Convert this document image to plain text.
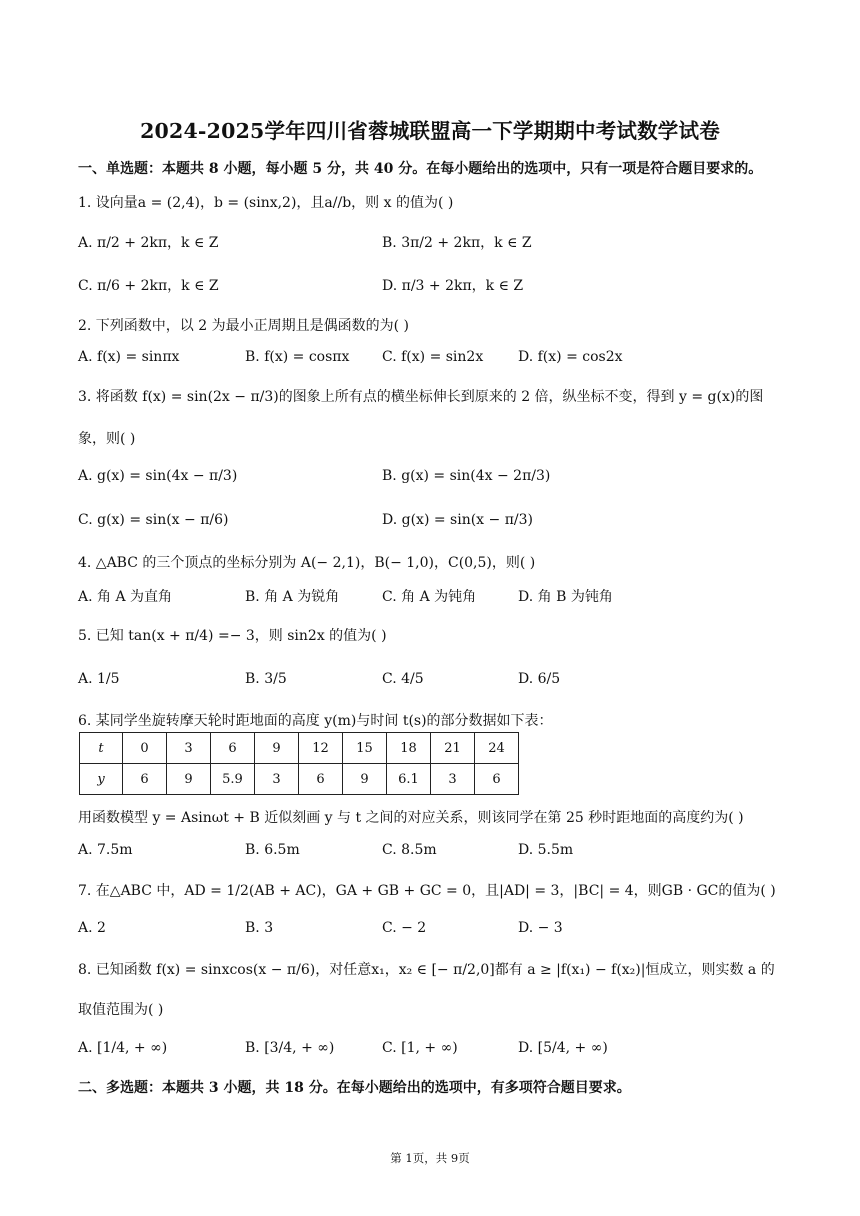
2024-2025学年四川省蓉城联盟高一下学期期中考试数学试卷
一、单选题：本题共 8 小题，每小题 5 分，共 40 分。在每小题给出的选项中，只有一项是符合题目要求的。
1. 设向量a = (2,4)，b = (sinx,2)，且a//b，则 x 的值为( )
A. π/2 + 2kπ，k ∈ Z	B. 3π/2 + 2kπ，k ∈ Z
C. π/6 + 2kπ，k ∈ Z	D. π/3 + 2kπ，k ∈ Z
2. 下列函数中，以 2 为最小正周期且是偶函数的为( )
A. f(x) = sinπx	B. f(x) = cosπx C. f(x) = sin2x D. f(x) = cos2x
3. 将函数 f(x) = sin(2x − π/3)的图象上所有点的横坐标伸长到原来的 2 倍，纵坐标不变，得到 y = g(x)的图
象，则( )
A. g(x) = sin(4x − π/3)	B. g(x) = sin(4x − 2π/3)
C. g(x) = sin(x − π/6)	D. g(x) = sin(x − π/3)
4. △ABC 的三个顶点的坐标分别为 A(− 2,1)，B(− 1,0)，C(0,5)，则( )
A. 角 A 为直角	B. 角 A 为锐角	C. 角 A 为钝角	D. 角 B 为钝角
5. 已知 tan(x + π/4) =− 3，则 sin2x 的值为( )
A. 1/5	B. 3/5	C. 4/5	D. 6/5
6. 某同学坐旋转摩天轮时距地面的高度 y(m)与时间 t(s)的部分数据如下表：
t	0	3	6	9	12	15	18	21	24
y	6	9	5.9	3	6	9	6.1	3	6
用函数模型 y = Asinωt + B 近似刻画 y 与 t 之间的对应关系，则该同学在第 25 秒时距地面的高度约为( )
A. 7.5m	B. 6.5m	C. 8.5m	D. 5.5m
7. 在△ABC 中，AD = 1/2(AB + AC)，GA + GB + GC = 0，且|AD| = 3，|BC| = 4，则GB · GC的值为( )
A. 2	B. 3	C. − 2	D. − 3
8. 已知函数 f(x) = sinxcos(x − π/6)，对任意x₁，x₂ ∈ [− π/2,0]都有 a ≥ |f(x₁) − f(x₂)|恒成立，则实数 a 的
取值范围为( )
A. [1/4, + ∞)	B. [3/4, + ∞)	C. [1, + ∞)	D. [5/4, + ∞)
二、多选题：本题共 3 小题，共 18 分。在每小题给出的选项中，有多项符合题目要求。
第 1页，共 9页
